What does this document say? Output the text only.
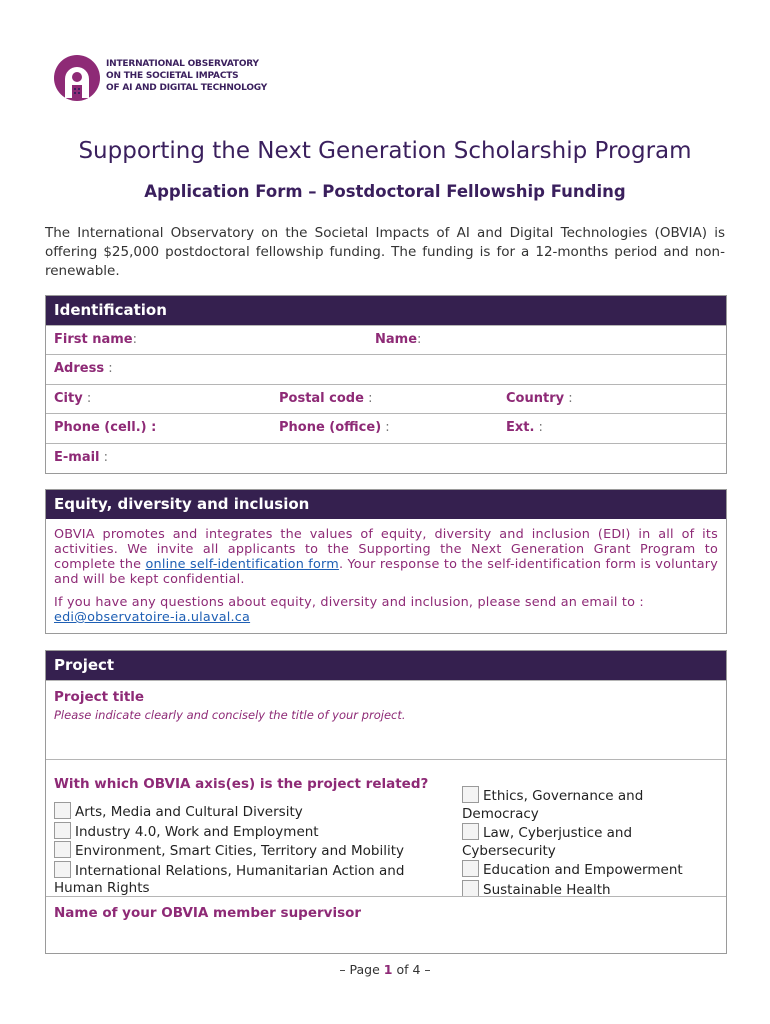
INTERNATIONAL OBSERVATORY
ON THE SOCIETAL IMPACTS
OF AI AND DIGITAL TECHNOLOGY
Supporting the Next Generation Scholarship Program
Application Form – Postdoctoral Fellowship Funding
The International Observatory on the Societal Impacts of AI and Digital Technologies (OBVIA) is offering $25,000 postdoctoral fellowship funding. The funding is for a 12-months period and non-renewable.
Identification
First name:	Name:
Adress :
City :	Postal code :	Country :
Phone (cell.) :	Phone (office) :	Ext. :
E-mail :
Equity, diversity and inclusion

OBVIA promotes and integrates the values of equity, diversity and inclusion (EDI) in all of its activities. We invite all applicants to the Supporting the Next Generation Grant Program to complete the online self-identification form. Your response to the self-identification form is voluntary and will be kept confidential.

If you have any questions about equity, diversity and inclusion, please send an email to :
edi@observatoire-ia.ulaval.ca

Project
Project title
Please indicate clearly and concisely the title of your project.
With which OBVIA axis(es) is the project related?
Arts, Media and Cultural Diversity
Industry 4.0, Work and Employment
Environment, Smart Cities, Territory and Mobility
International Relations, Humanitarian Action and Human Rights
Ethics, Governance and Democracy
Law, Cyberjustice and Cybersecurity
Education and Empowerment
Sustainable Health
Name of your OBVIA member supervisor
– Page 1 of 4 –
